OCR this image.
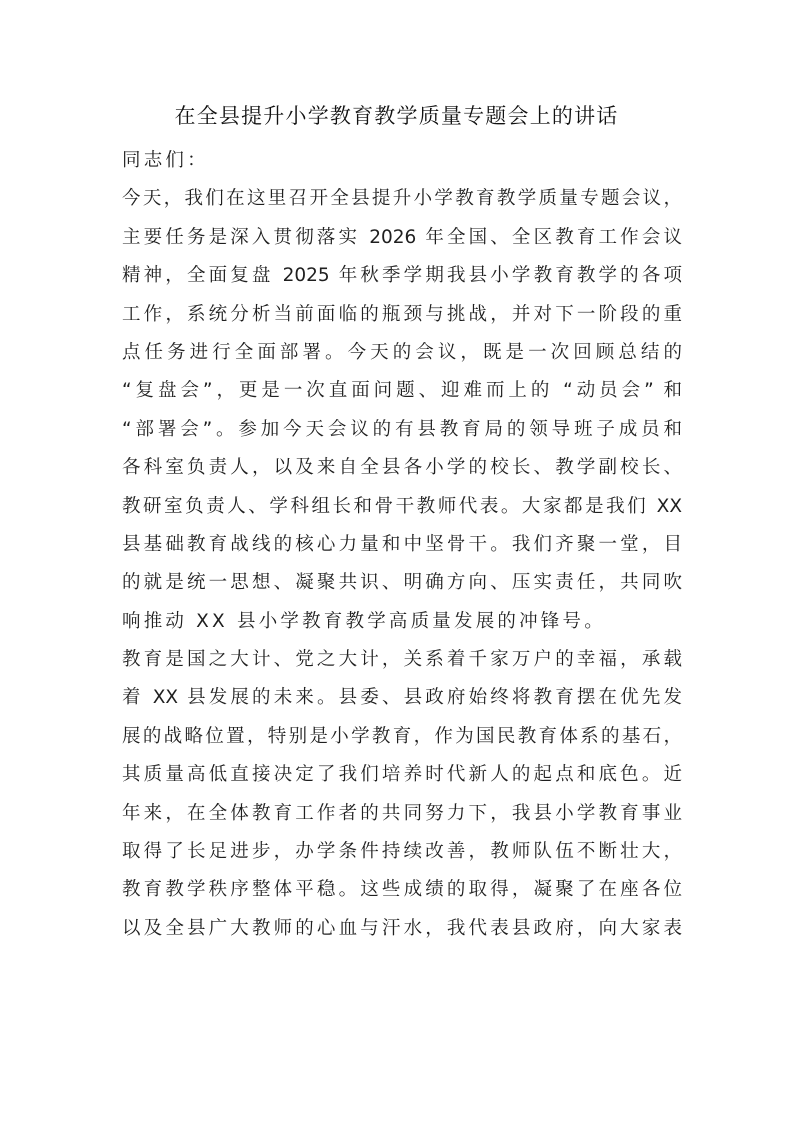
在全县提升小学教育教学质量专题会上的讲话
同志们：
今天，我们在这里召开全县提升小学教育教学质量专题会议，
主要任务是深入贯彻落实 2026 年全国、全区教育工作会议
精神，全面复盘 2025 年秋季学期我县小学教育教学的各项
工作，系统分析当前面临的瓶颈与挑战，并对下一阶段的重
点任务进行全面部署。今天的会议，既是一次回顾总结的
“复盘会”，更是一次直面问题、迎难而上的 “动员会” 和
“部署会”。参加今天会议的有县教育局的领导班子成员和
各科室负责人，以及来自全县各小学的校长、教学副校长、
教研室负责人、学科组长和骨干教师代表。大家都是我们 XX
县基础教育战线的核心力量和中坚骨干。我们齐聚一堂，目
的就是统一思想、凝聚共识、明确方向、压实责任，共同吹
响推动 XX 县小学教育教学高质量发展的冲锋号。
教育是国之大计、党之大计，关系着千家万户的幸福，承载
着 XX 县发展的未来。县委、县政府始终将教育摆在优先发
展的战略位置，特别是小学教育，作为国民教育体系的基石，
其质量高低直接决定了我们培养时代新人的起点和底色。近
年来，在全体教育工作者的共同努力下，我县小学教育事业
取得了长足进步，办学条件持续改善，教师队伍不断壮大，
教育教学秩序整体平稳。这些成绩的取得，凝聚了在座各位
以及全县广大教师的心血与汗水，我代表县政府，向大家表
